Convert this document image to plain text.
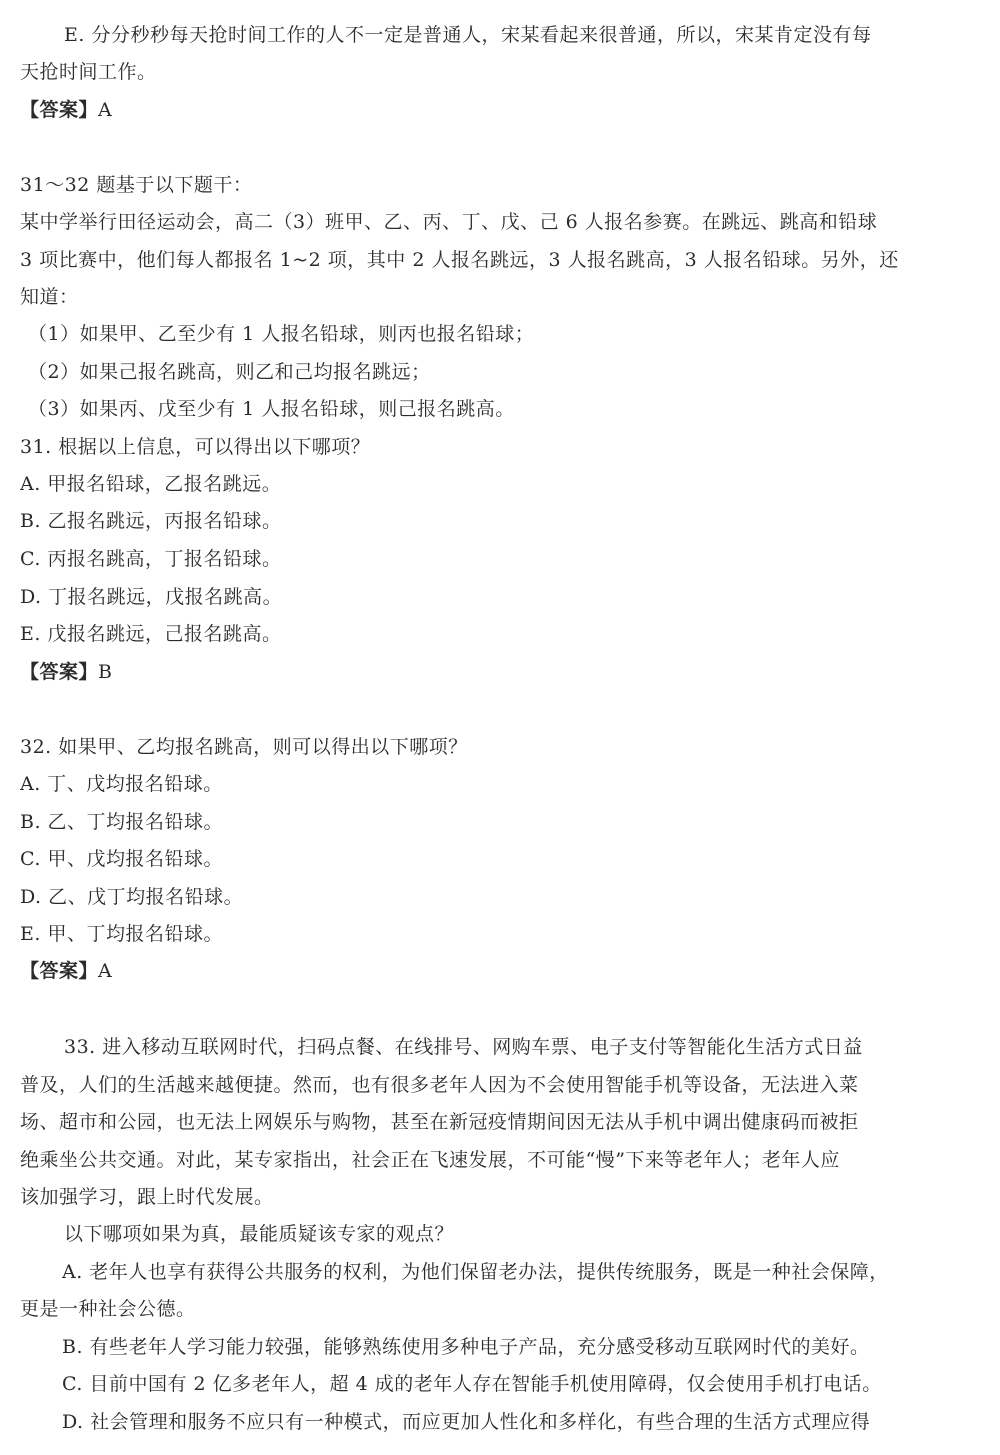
E. 分分秒秒每天抢时间工作的人不一定是普通人，宋某看起来很普通，所以，宋某肯定没有每
天抢时间工作。
【答案】A
31～32 题基于以下题干：
某中学举行田径运动会，高二（3）班甲、乙、丙、丁、戊、己 6 人报名参赛。在跳远、跳高和铅球
3 项比赛中，他们每人都报名 1~2 项，其中 2 人报名跳远，3 人报名跳高，3 人报名铅球。另外，还
知道：
（1）如果甲、乙至少有 1 人报名铅球，则丙也报名铅球；
（2）如果己报名跳高，则乙和己均报名跳远；
（3）如果丙、戊至少有 1 人报名铅球，则己报名跳高。
31. 根据以上信息，可以得出以下哪项？
A. 甲报名铅球，乙报名跳远。
B. 乙报名跳远，丙报名铅球。
C. 丙报名跳高，丁报名铅球。
D. 丁报名跳远，戊报名跳高。
E. 戊报名跳远，己报名跳高。
【答案】B
32. 如果甲、乙均报名跳高，则可以得出以下哪项？
A. 丁、戊均报名铅球。
B. 乙、丁均报名铅球。
C. 甲、戊均报名铅球。
D. 乙、戊丁均报名铅球。
E. 甲、丁均报名铅球。
【答案】A
33. 进入移动互联网时代，扫码点餐、在线排号、网购车票、电子支付等智能化生活方式日益
普及，人们的生活越来越便捷。然而，也有很多老年人因为不会使用智能手机等设备，无法进入菜
场、超市和公园，也无法上网娱乐与购物，甚至在新冠疫情期间因无法从手机中调出健康码而被拒
绝乘坐公共交通。对此，某专家指出，社会正在飞速发展，不可能“慢”下来等老年人；老年人应
该加强学习，跟上时代发展。
以下哪项如果为真，最能质疑该专家的观点？
A. 老年人也享有获得公共服务的权利，为他们保留老办法，提供传统服务，既是一种社会保障，
更是一种社会公德。
B. 有些老年人学习能力较强，能够熟练使用多种电子产品，充分感受移动互联网时代的美好。
C. 目前中国有 2 亿多老年人，超 4 成的老年人存在智能手机使用障碍，仅会使用手机打电话。
D. 社会管理和服务不应只有一种模式，而应更加人性化和多样化，有些合理的生活方式理应得
